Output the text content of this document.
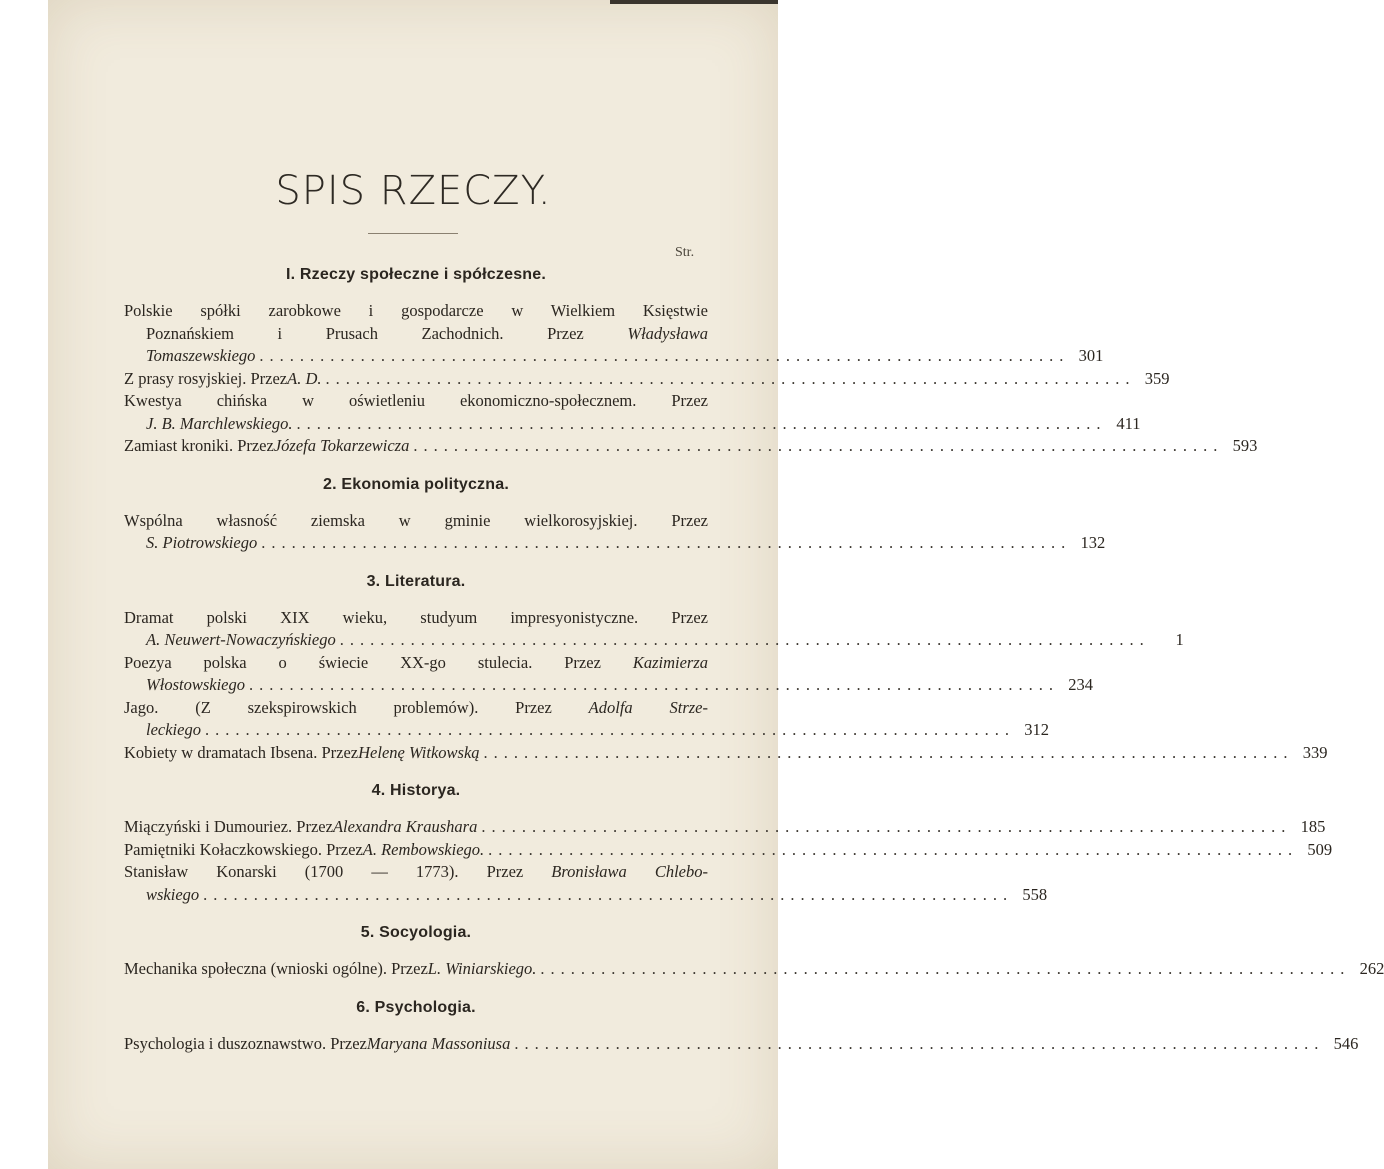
SPIS RZECZY.
Str.
I. Rzeczy społeczne i spółczesne.
Polskie spółki zarobkowe i gospodarcze w Wielkiem Księstwie
Poznańskiem i Prusach Zachodnich. Przez Władysława
Tomaszewskiego ................................................................................ 301
Z prasy rosyjskiej. Przez A. D. ................................................................................ 359
Kwestya chińska w oświetleniu ekonomiczno-społecznem. Przez
J. B. Marchlewskiego. ................................................................................ 411
Zamiast kroniki. Przez Józefa Tokarzewicza ................................................................................ 593
2. Ekonomia polityczna.
Wspólna własność ziemska w gminie wielkorosyjskiej. Przez
S. Piotrowskiego ................................................................................ 132
3. Literatura.
Dramat polski XIX wieku, studyum impresyonistyczne. Przez
A. Neuwert-Nowaczyńskiego ................................................................................	1
Poezya polska o świecie XX-go stulecia. Przez Kazimierza
Włostowskiego ................................................................................ 234
Jago. (Z szekspirowskich problemów). Przez Adolfa Strze-
leckiego ................................................................................ 312
Kobiety w dramatach Ibsena. Przez Helenę Witkowską ................................................................................ 339
4. Historya.
Miączyński i Dumouriez. Przez Alexandra Kraushara ................................................................................ 185
Pamiętniki Kołaczkowskiego. Przez A. Rembowskiego. ................................................................................ 509
Stanisław Konarski (1700 — 1773). Przez Bronisława Chlebo-
wskiego ................................................................................ 558
5. Socyologia.
Mechanika społeczna (wnioski ogólne). Przez L. Winiarskiego. ................................................................................ 262
6. Psychologia.
Psychologia i duszoznawstwo. Przez Maryana Massoniusa ................................................................................ 546
